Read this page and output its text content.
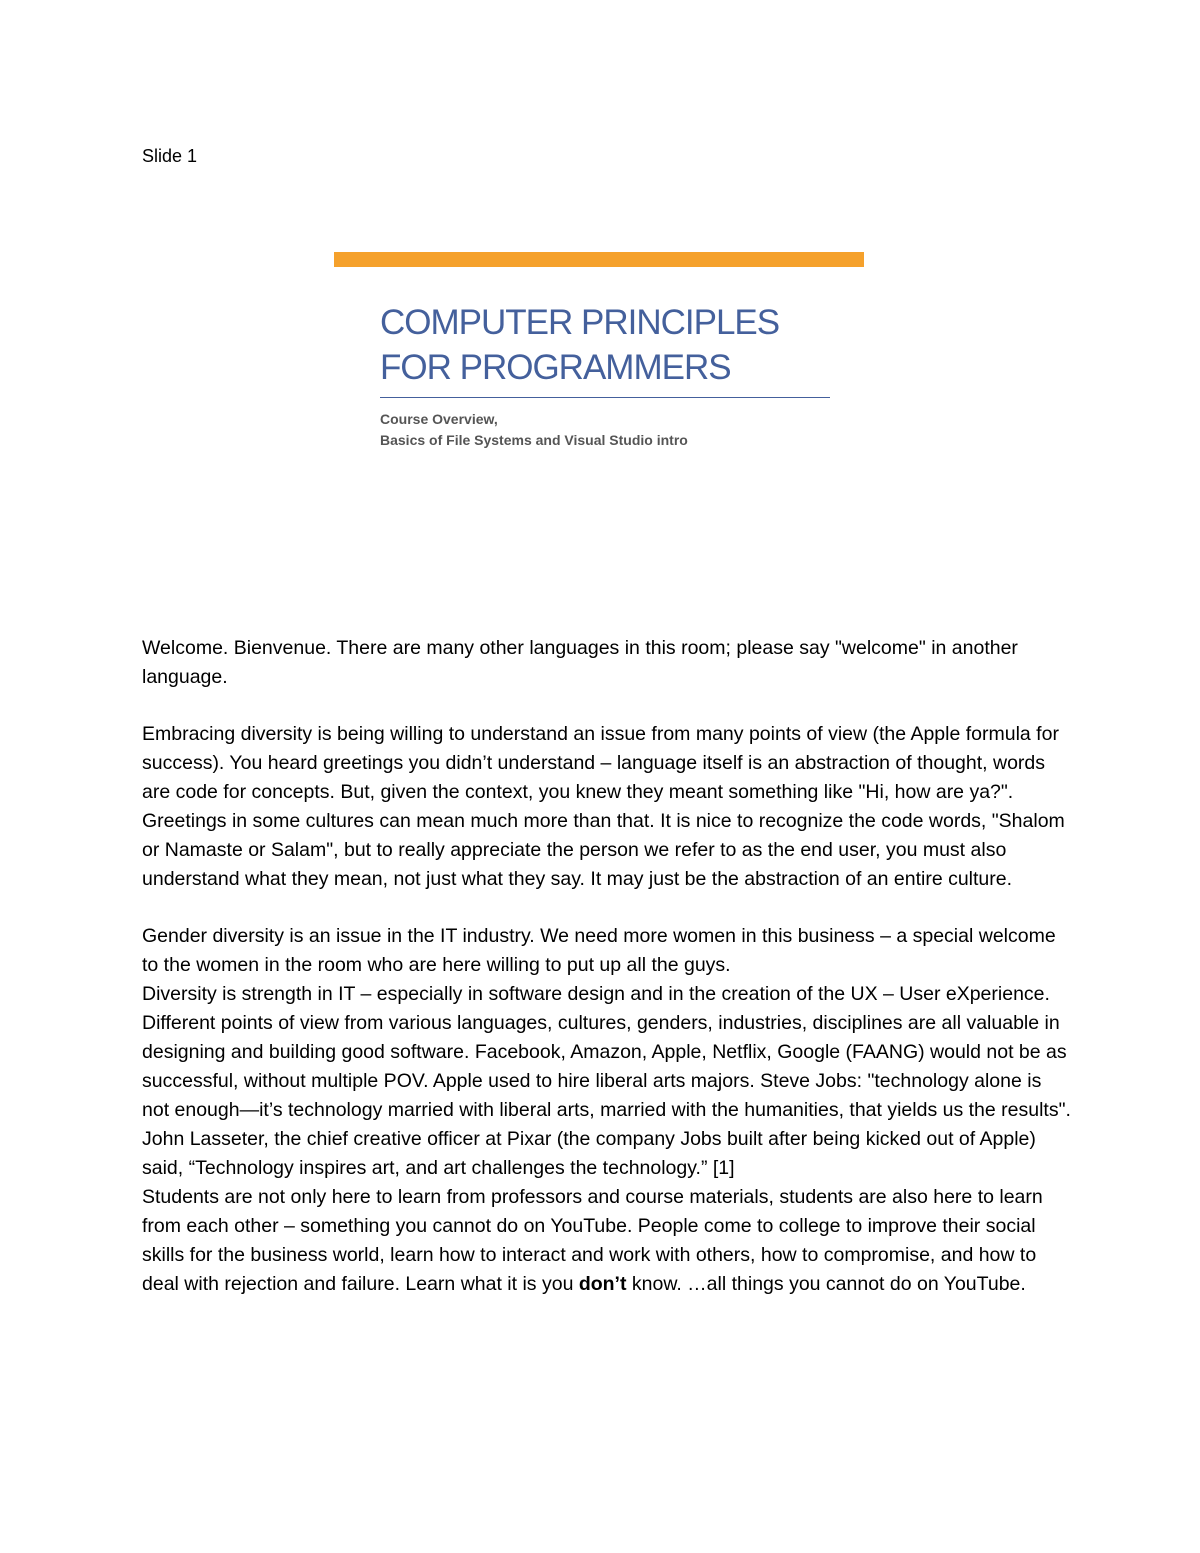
Slide 1
COMPUTER PRINCIPLES
FOR PROGRAMMERS
Course Overview,
Basics of File Systems and Visual Studio intro

Welcome. Bienvenue. There are many other languages in this room; please say "welcome" in another language.

Embracing diversity is being willing to understand an issue from many points of view (the Apple formula for success). You heard greetings you didn’t understand – language itself is an abstraction of thought, words are code for concepts. But, given the context, you knew they meant something like "Hi, how are ya?". Greetings in some cultures can mean much more than that. It is nice to recognize the code words, "Shalom or Namaste or Salam", but to really appreciate the person we refer to as the end user, you must also understand what they mean, not just what they say. It may just be the abstraction of an entire culture.

Gender diversity is an issue in the IT industry. We need more women in this business – a special welcome to the women in the room who are here willing to put up all the guys.

Diversity is strength in IT – especially in software design and in the creation of the UX – User eXperience. Different points of view from various languages, cultures, genders, industries, disciplines are all valuable in designing and building good software. Facebook, Amazon, Apple, Netflix, Google (FAANG) would not be as successful, without multiple POV. Apple used to hire liberal arts majors. Steve Jobs: "technology alone is not enough—it’s technology married with liberal arts, married with the humanities, that yields us the results". John Lasseter, the chief creative officer at Pixar (the company Jobs built after being kicked out of Apple) said, “Technology inspires art, and art challenges the technology.” [1]

Students are not only here to learn from professors and course materials, students are also here to learn from each other – something you cannot do on YouTube. People come to college to improve their social skills for the business world, learn how to interact and work with others, how to compromise, and how to deal with rejection and failure. Learn what it is you don’t know. …all things you cannot do on YouTube.
